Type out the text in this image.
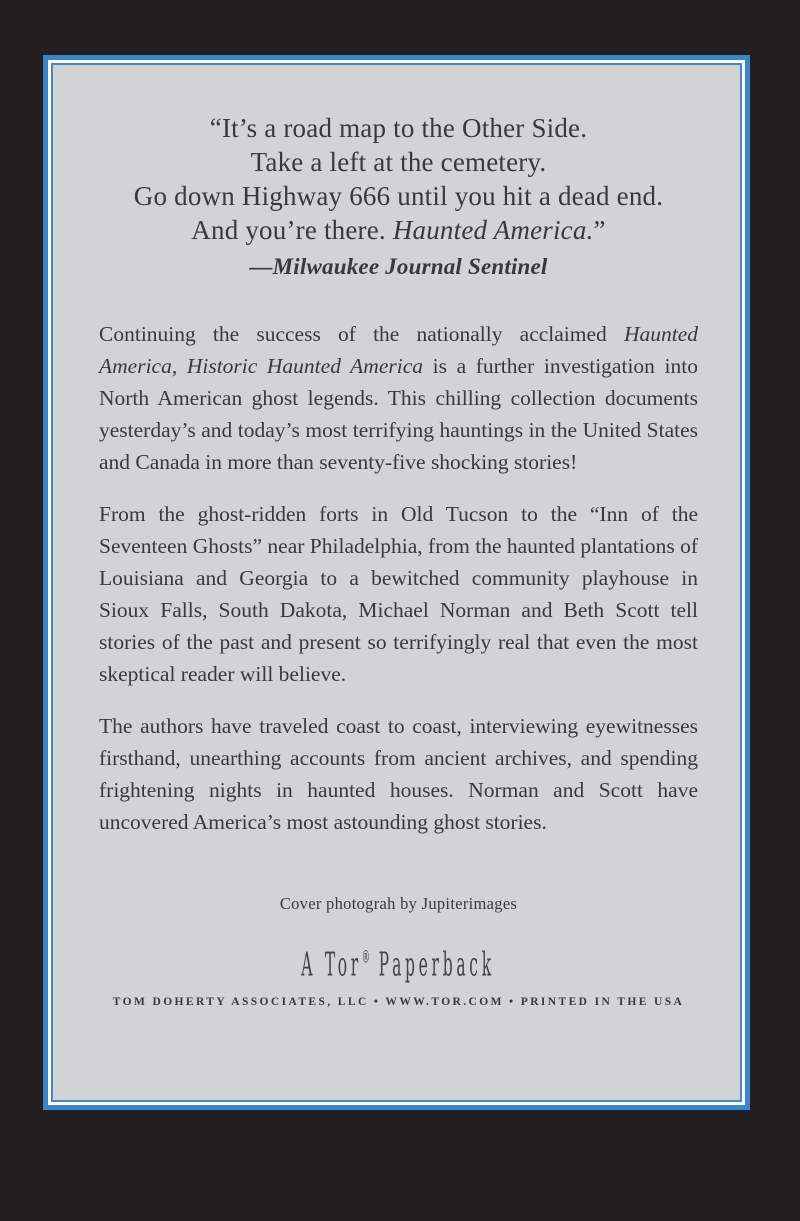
“It’s a road map to the Other Side.
Take a left at the cemetery.
Go down Highway 666 until you hit a dead end.
And you’re there. Haunted America.”
—Milwaukee Journal Sentinel

Continuing the success of the nationally acclaimed Haunted America, Historic Haunted America is a further investigation into North American ghost legends. This chilling collection documents yesterday’s and today’s most terrifying hauntings in the United States and Canada in more than seventy-five shocking stories!

From the ghost-ridden forts in Old Tucson to the “Inn of the Seventeen Ghosts” near Philadelphia, from the haunted plantations of Louisiana and Georgia to a bewitched community playhouse in Sioux Falls, South Dakota, Michael Norman and Beth Scott tell stories of the past and present so terrifyingly real that even the most skeptical reader will believe.

The authors have traveled coast to coast, interviewing eyewitnesses firsthand, unearthing accounts from ancient archives, and spending frightening nights in haunted houses. Norman and Scott have uncovered America’s most astounding ghost stories.

Cover photograh by Jupiterimages
A Tor® Paperback
TOM DOHERTY ASSOCIATES, LLC • WWW.TOR.COM • PRINTED IN THE USA
